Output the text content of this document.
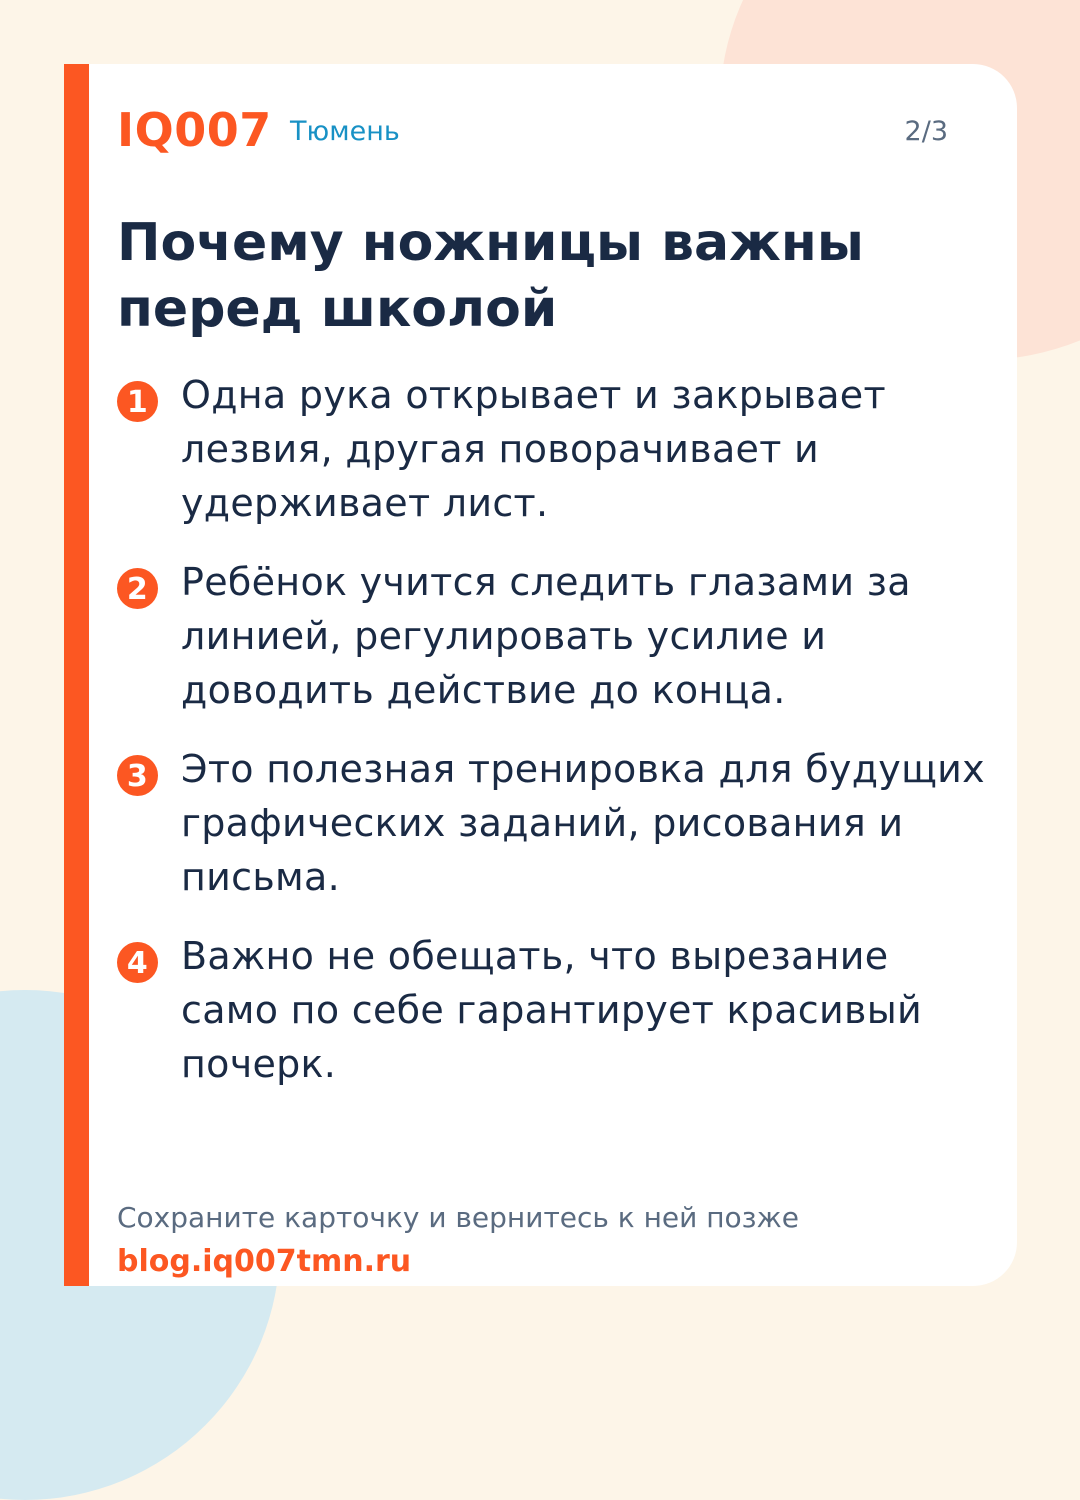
IQ007 Тюмень	2/3
Почему ножницы важны перед школой
1 Одна рука открывает и закрывает лезвия, другая поворачивает и удерживает лист.
2 Ребёнок учится следить глазами за линией, регулировать усилие и доводить действие до конца.
3 Это полезная тренировка для будущих графических заданий, рисования и письма.
4 Важно не обещать, что вырезание само по себе гарантирует красивый почерк.
Сохраните карточку и вернитесь к ней позже
blog.iq007tmn.ru
